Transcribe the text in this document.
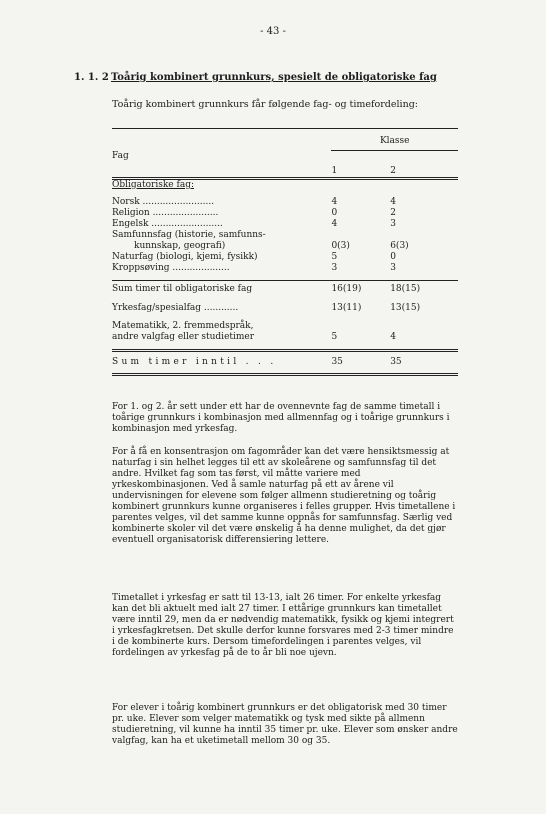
- 43 -
1. 1. 2 Toårig kombinert grunnkurs, spesielt de obligatoriske fag
Toårig kombinert grunnkurs får følgende fag- og timefordeling:

	Klasse	
Fag		
	1	2

Obligatoriske fag:		

Norsk .........................	4	4
Religion .......................	0	2
Engelsk .........................	4	3
Samfunnsfag (historie, samfunns-		
kunnskap, geografi)	0(3)	6(3)
Naturfag (biologi, kjemi, fysikk)	5	0
Kroppsøving ....................	3	3

Sum timer til obligatoriske fag	16(19)	18(15)

Yrkesfag/spesialfag ............	13(11)	13(15)

Matematikk, 2. fremmedspråk,		
andre valgfag eller studietimer	5	4

Sum timer inntil . . .	35	35

For 1. og 2. år sett under ett har de ovennevnte fag de samme timetall i toårige grunnkurs i kombinasjon med allmennfag og i toårige grunnkurs i kombinasjon med yrkesfag.
For å få en konsentrasjon om fagområder kan det være hensiktsmessig at naturfag i sin helhet legges til ett av skoleårene og samfunnsfag til det andre. Hvilket fag som tas først, vil måtte variere med yrkeskombinasjonen. Ved å samle naturfag på ett av årene vil undervisningen for elevene som følger allmenn studieretning og toårig kombinert grunnkurs kunne organiseres i felles grupper. Hvis timetallene i parentes velges, vil det samme kunne oppnås for samfunnsfag. Særlig ved kombinerte skoler vil det være ønskelig å ha denne mulighet, da det gjør eventuell organisatorisk differensiering lettere.
Timetallet i yrkesfag er satt til 13-13, ialt 26 timer. For enkelte yrkesfag kan det bli aktuelt med ialt 27 timer. I ettårige grunnkurs kan timetallet være inntil 29, men da er nødvendig matematikk, fysikk og kjemi integrert i yrkesfagkretsen. Det skulle derfor kunne forsvares med 2-3 timer mindre i de kombinerte kurs. Dersom timefordelingen i parentes velges, vil fordelingen av yrkesfag på de to år bli noe ujevn.
For elever i toårig kombinert grunnkurs er det obligatorisk med 30 timer pr. uke. Elever som velger matematikk og tysk med sikte på allmenn studieretning, vil kunne ha inntil 35 timer pr. uke. Elever som ønsker andre valgfag, kan ha et uketimetall mellom 30 og 35.
